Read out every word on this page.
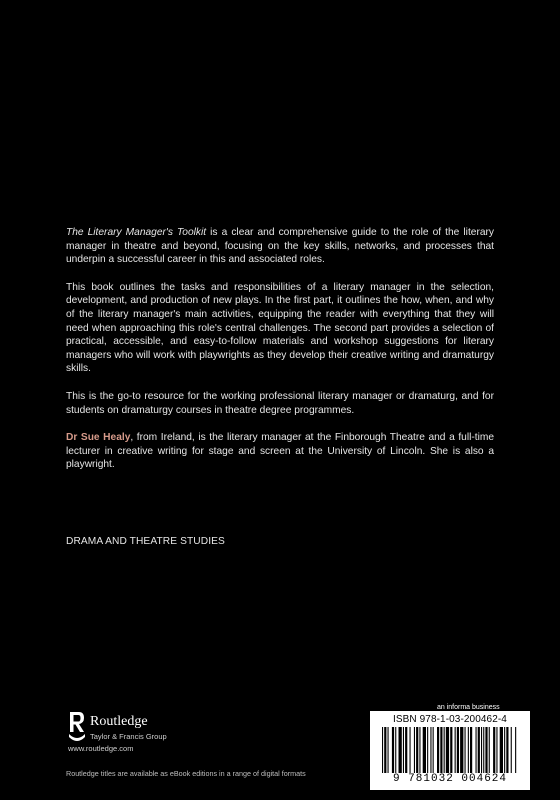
The Literary Manager's Toolkit is a clear and comprehensive guide to the role of the literary manager in theatre and beyond, focusing on the key skills, networks, and processes that underpin a successful career in this and associated roles.

This book outlines the tasks and responsibilities of a literary manager in the selection, development, and production of new plays. In the first part, it outlines the how, when, and why of the literary manager's main activities, equipping the reader with everything that they will need when approaching this role's central challenges. The second part provides a selection of practical, accessible, and easy-to-follow materials and workshop suggestions for literary managers who will work with playwrights as they develop their creative writing and dramaturgy skills.

This is the go-to resource for the working professional literary manager or dramaturg, and for students on dramaturgy courses in theatre degree programmes.

Dr Sue Healy, from Ireland, is the literary manager at the Finborough Theatre and a full-time lecturer in creative writing for stage and screen at the University of Lincoln. She is also a playwright.

DRAMA AND THEATRE STUDIES
Routledge
Taylor & Francis Group
www.routledge.com
Routledge titles are available as eBook editions in a range of digital formats
an informa business
ISBN 978-1-03-200462-4
9 781032 004624
